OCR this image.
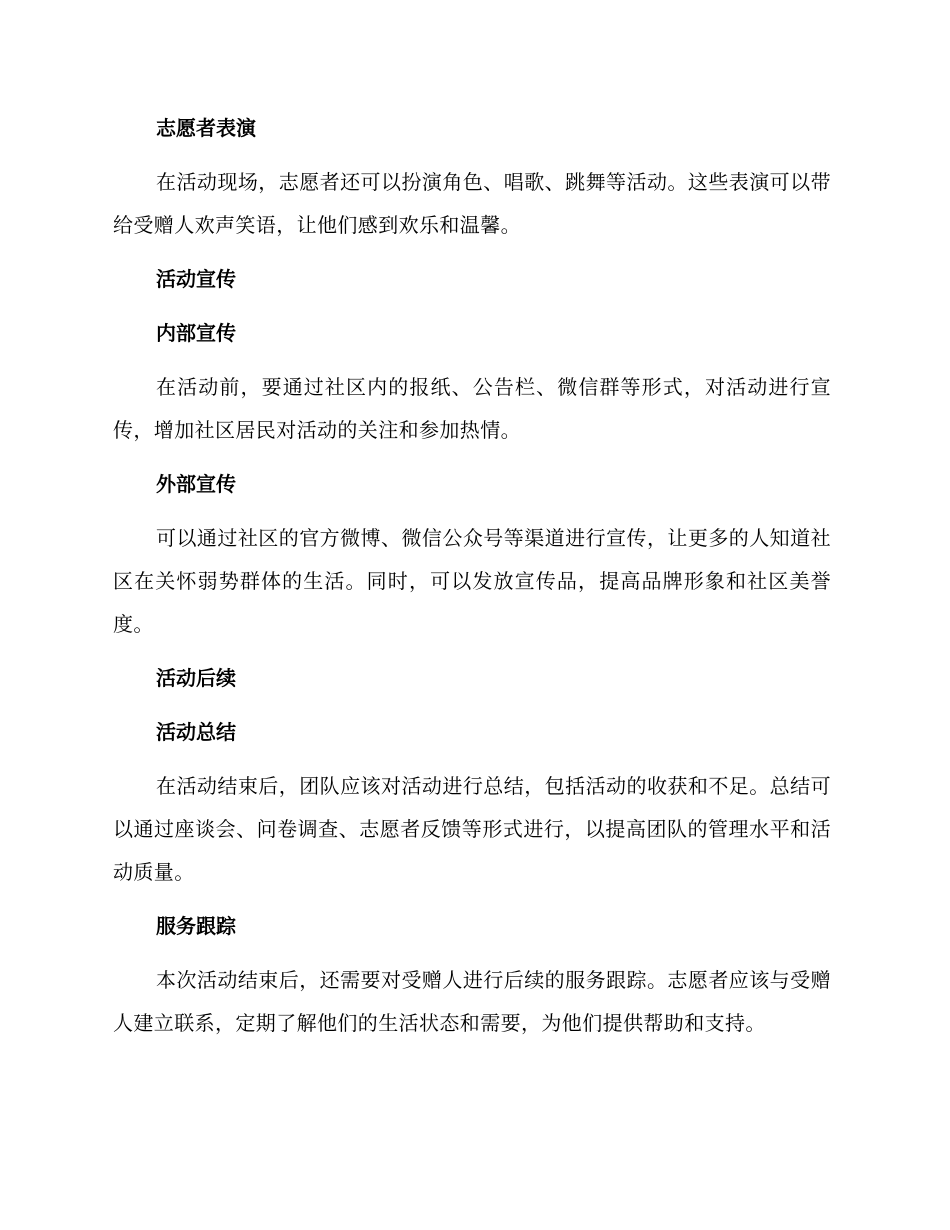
志愿者表演

在活动现场，志愿者还可以扮演角色、唱歌、跳舞等活动。这些表演可以带给受赠人欢声笑语，让他们感到欢乐和温馨。

活动宣传
内部宣传

在活动前，要通过社区内的报纸、公告栏、微信群等形式，对活动进行宣传，增加社区居民对活动的关注和参加热情。

外部宣传

可以通过社区的官方微博、微信公众号等渠道进行宣传，让更多的人知道社区在关怀弱势群体的生活。同时，可以发放宣传品，提高品牌形象和社区美誉度。

活动后续
活动总结

在活动结束后，团队应该对活动进行总结，包括活动的收获和不足。总结可以通过座谈会、问卷调查、志愿者反馈等形式进行，以提高团队的管理水平和活动质量。

服务跟踪

本次活动结束后，还需要对受赠人进行后续的服务跟踪。志愿者应该与受赠人建立联系，定期了解他们的生活状态和需要，为他们提供帮助和支持。
